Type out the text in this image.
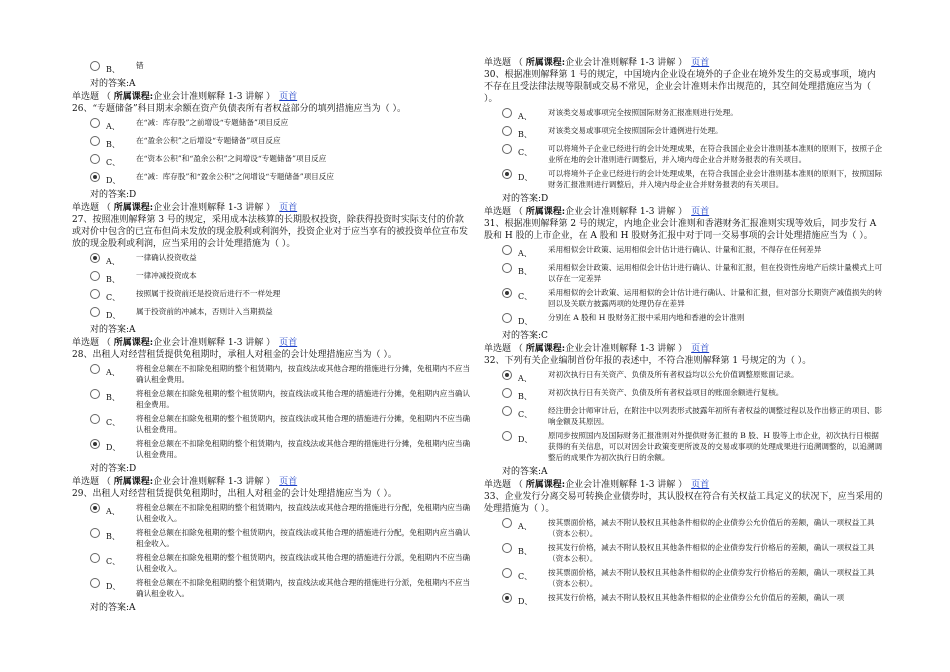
B、	错
对的答案:A
单选题 （ 所属课程:企业会计准则解释 1-3 讲解 ） 页首
26、“专题储备”科目期末余额在资产负债表所有者权益部分的填列措施应当为（ ）。
A、	在“减：库存股”之前增设“专题储备”项目反应
B、	在“盈余公积”之后增设“专题储备”项目反应
C、	在“资本公积”和“盈余公积”之间增设“专题储备”项目反应
D、	在“减：库存股”和“盈余公积”之间增设“专题储备”项目反应
对的答案:D
单选题 （ 所属课程:企业会计准则解释 1-3 讲解 ） 页首
27、按照准则解释第 3 号的规定，采用成本法核算的长期股权投资，除获得投资时实际支付的价款或对价中包含的已宣布但尚未发放的现金股利或利润外，投资企业对于应当享有的被投资单位宣布发放的现金股利或利润，应当采用的会计处理措施为（ ）。
A、	一律确认投资收益
B、	一律冲减投资成本
C、	按照属于投资前还是投资后进行不一样处理
D、	属于投资前的冲减本，否则计入当期损益
对的答案:A
单选题 （ 所属课程:企业会计准则解释 1-3 讲解 ） 页首
28、出租人对经营租赁提供免租期时，承租人对租金的会计处理措施应当为（ ）。
A、	将租金总额在不扣除免租期的整个租赁期内，按直线法或其他合理的措施进行分摊，免租期内不应当确认租金费用。
B、	将租金总额在扣除免租期的整个租赁期内，按直线法或其他合理的措施进行分摊，免租期内应当确认租金费用。
C、	将租金总额在扣除免租期的整个租赁期内，按直线法或其他合理的措施进行分摊，免租期内不应当确认租金费用。
D、	将租金总额在不扣除免租期的整个租赁期内，按直线法或其他合理的措施进行分摊，免租期内应当确认租金费用。
对的答案:D
单选题 （ 所属课程:企业会计准则解释 1-3 讲解 ） 页首
29、出租人对经营租赁提供免租期时，出租人对租金的会计处理措施应当为（ ）。
A、	将租金总额在不扣除免租期的整个租赁期内，按直线法或其他合理的措施进行分配，免租期内应当确认租金收入。
B、	将租金总额在扣除免租期的整个租赁期内，按直线法或其他合理的措施进行分配，免租期内应当确认租金收入。
C、	将租金总额在扣除免租期的整个租赁期内，按直线法或其他合理的措施进行分派，免租期内不应当确认租金收入。
D、	将租金总额在不扣除免租期的整个租赁期内，按直线法或其他合理的措施进行分派，免租期内不应当确认租金收入。
对的答案:A
单选题 （ 所属课程:企业会计准则解释 1-3 讲解 ） 页首
30、根据准则解释第 1 号的规定，中国境内企业设在境外的子企业在境外发生的交易或事项，境内不存在且受法律法规等限制或交易不常见，企业会计准则未作出规范的，其空间处理措施应当为（ ）。
A、	对该类交易或事项完全按照国际财务汇报准则进行处理。
B、	对该类交易或事项完全按照国际会计通例进行处理。
C、	可以将境外子企业已经进行的会计处理成果，在符合我国企业会计准则基本准则的原则下，按照子企业所在地的会计准则进行调整后，并入境内母企业合并财务报表的有关项目。
D、	可以将境外子企业已经进行的会计处理成果，在符合我国企业会计准则基本准则的原则下，按照国际财务汇报准则进行调整后，并入境内母企业合并财务报表的有关项目。
对的答案:D
单选题 （ 所属课程:企业会计准则解释 1-3 讲解 ） 页首
31、根据准则解释第 2 号的规定，内地企业会计准则和香港财务汇报准则实现等效后，同步发行 A 股和 H 股的上市企业，在 A 股和 H 股财务汇报中对于同一交易事项的会计处理措施应当为（ ）。
A、	采用相似会计政策、运用相似会计估计进行确认、计量和汇报，不得存在任何差异
B、	采用相似会计政策、运用相似会计估计进行确认、计量和汇报，但在投资性房地产后续计量模式上可以存在一定差异
C、	采用相似的会计政策、运用相似的会计估计进行确认、计量和汇报，但对部分长期资产减值损失的转回以及关联方披露两项的处理仍存在差异
D、	分别在 A 股和 H 股财务汇报中采用内地和香港的会计准则
对的答案:C
单选题 （ 所属课程:企业会计准则解释 1-3 讲解 ） 页首
32、下列有关企业编制首份年报的表述中，不符合准则解释第 1 号规定的为（ ）。
A、	对初次执行日有关资产、负债及所有者权益均以公允价值调整原账面记录。
B、	对初次执行日有关资产、负债及所有者权益项目的账面余额进行复核。
C、	经注册会计师审计后，在附注中以列表形式披露年初所有者权益的调整过程以及作出修正的项目、影响金额及其原因。
D、	原同步按照国内及国际财务汇报准则对外提供财务汇报的 B 股、H 股等上市企业，初次执行日根据获得的有关信息，可以对因会计政策变更所波及的交易或事项的处理成果进行追溯调整的，以追溯调整后的成果作为初次执行日的余额。
对的答案:A
单选题 （ 所属课程:企业会计准则解释 1-3 讲解 ） 页首
33、企业发行分离交易可转换企业债券时，其认股权在符合有关权益工具定义的状况下，应当采用的处理措施为（ ）。
A、	按其票面价格，减去不附认股权且其他条件相似的企业债券公允价值后的差额，确认一项权益工具（资本公积）。
B、	按其发行价格，减去不附认股权且其他条件相似的企业债券发行价格后的差额，确认一项权益工具（资本公积）。
C、	按其票面价格，减去不附认股权且其他条件相似的企业债券发行价格后的差额，确认一项权益工具（资本公积）。
D、	按其发行价格，减去不附认股权且其他条件相似的企业债券公允价值后的差额，确认一项
